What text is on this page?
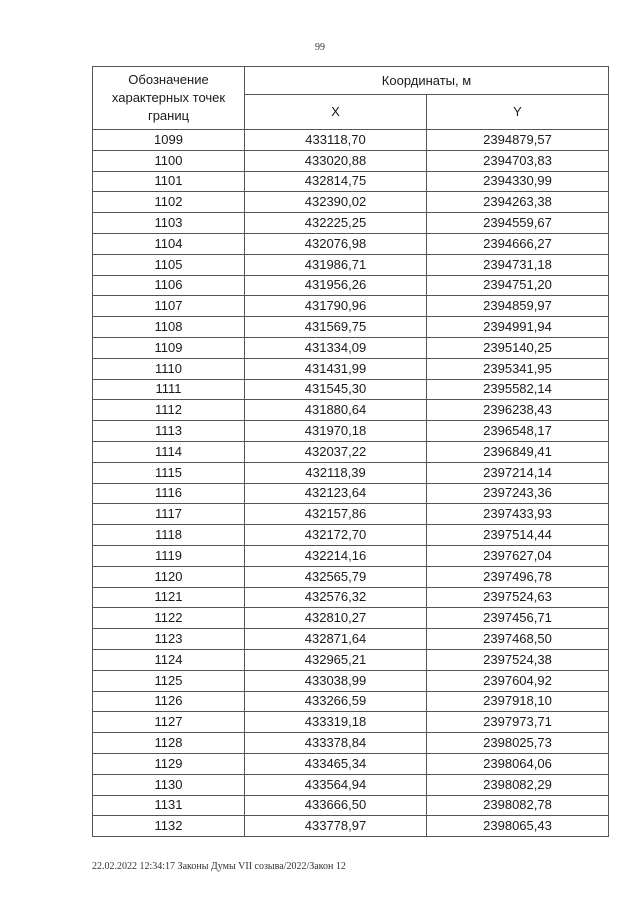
99
Обозначение характерных точек границ	Координаты, м	
	X	Y
1099	433118,70	2394879,57
1100	433020,88	2394703,83
1101	432814,75	2394330,99
1102	432390,02	2394263,38
1103	432225,25	2394559,67
1104	432076,98	2394666,27
1105	431986,71	2394731,18
1106	431956,26	2394751,20
1107	431790,96	2394859,97
1108	431569,75	2394991,94
1109	431334,09	2395140,25
1110	431431,99	2395341,95
1111	431545,30	2395582,14
1112	431880,64	2396238,43
1113	431970,18	2396548,17
1114	432037,22	2396849,41
1115	432118,39	2397214,14
1116	432123,64	2397243,36
1117	432157,86	2397433,93
1118	432172,70	2397514,44
1119	432214,16	2397627,04
1120	432565,79	2397496,78
1121	432576,32	2397524,63
1122	432810,27	2397456,71
1123	432871,64	2397468,50
1124	432965,21	2397524,38
1125	433038,99	2397604,92
1126	433266,59	2397918,10
1127	433319,18	2397973,71
1128	433378,84	2398025,73
1129	433465,34	2398064,06
1130	433564,94	2398082,29
1131	433666,50	2398082,78
1132	433778,97	2398065,43
22.02.2022 12:34:17 Законы Думы VII созыва/2022/Закон 12
